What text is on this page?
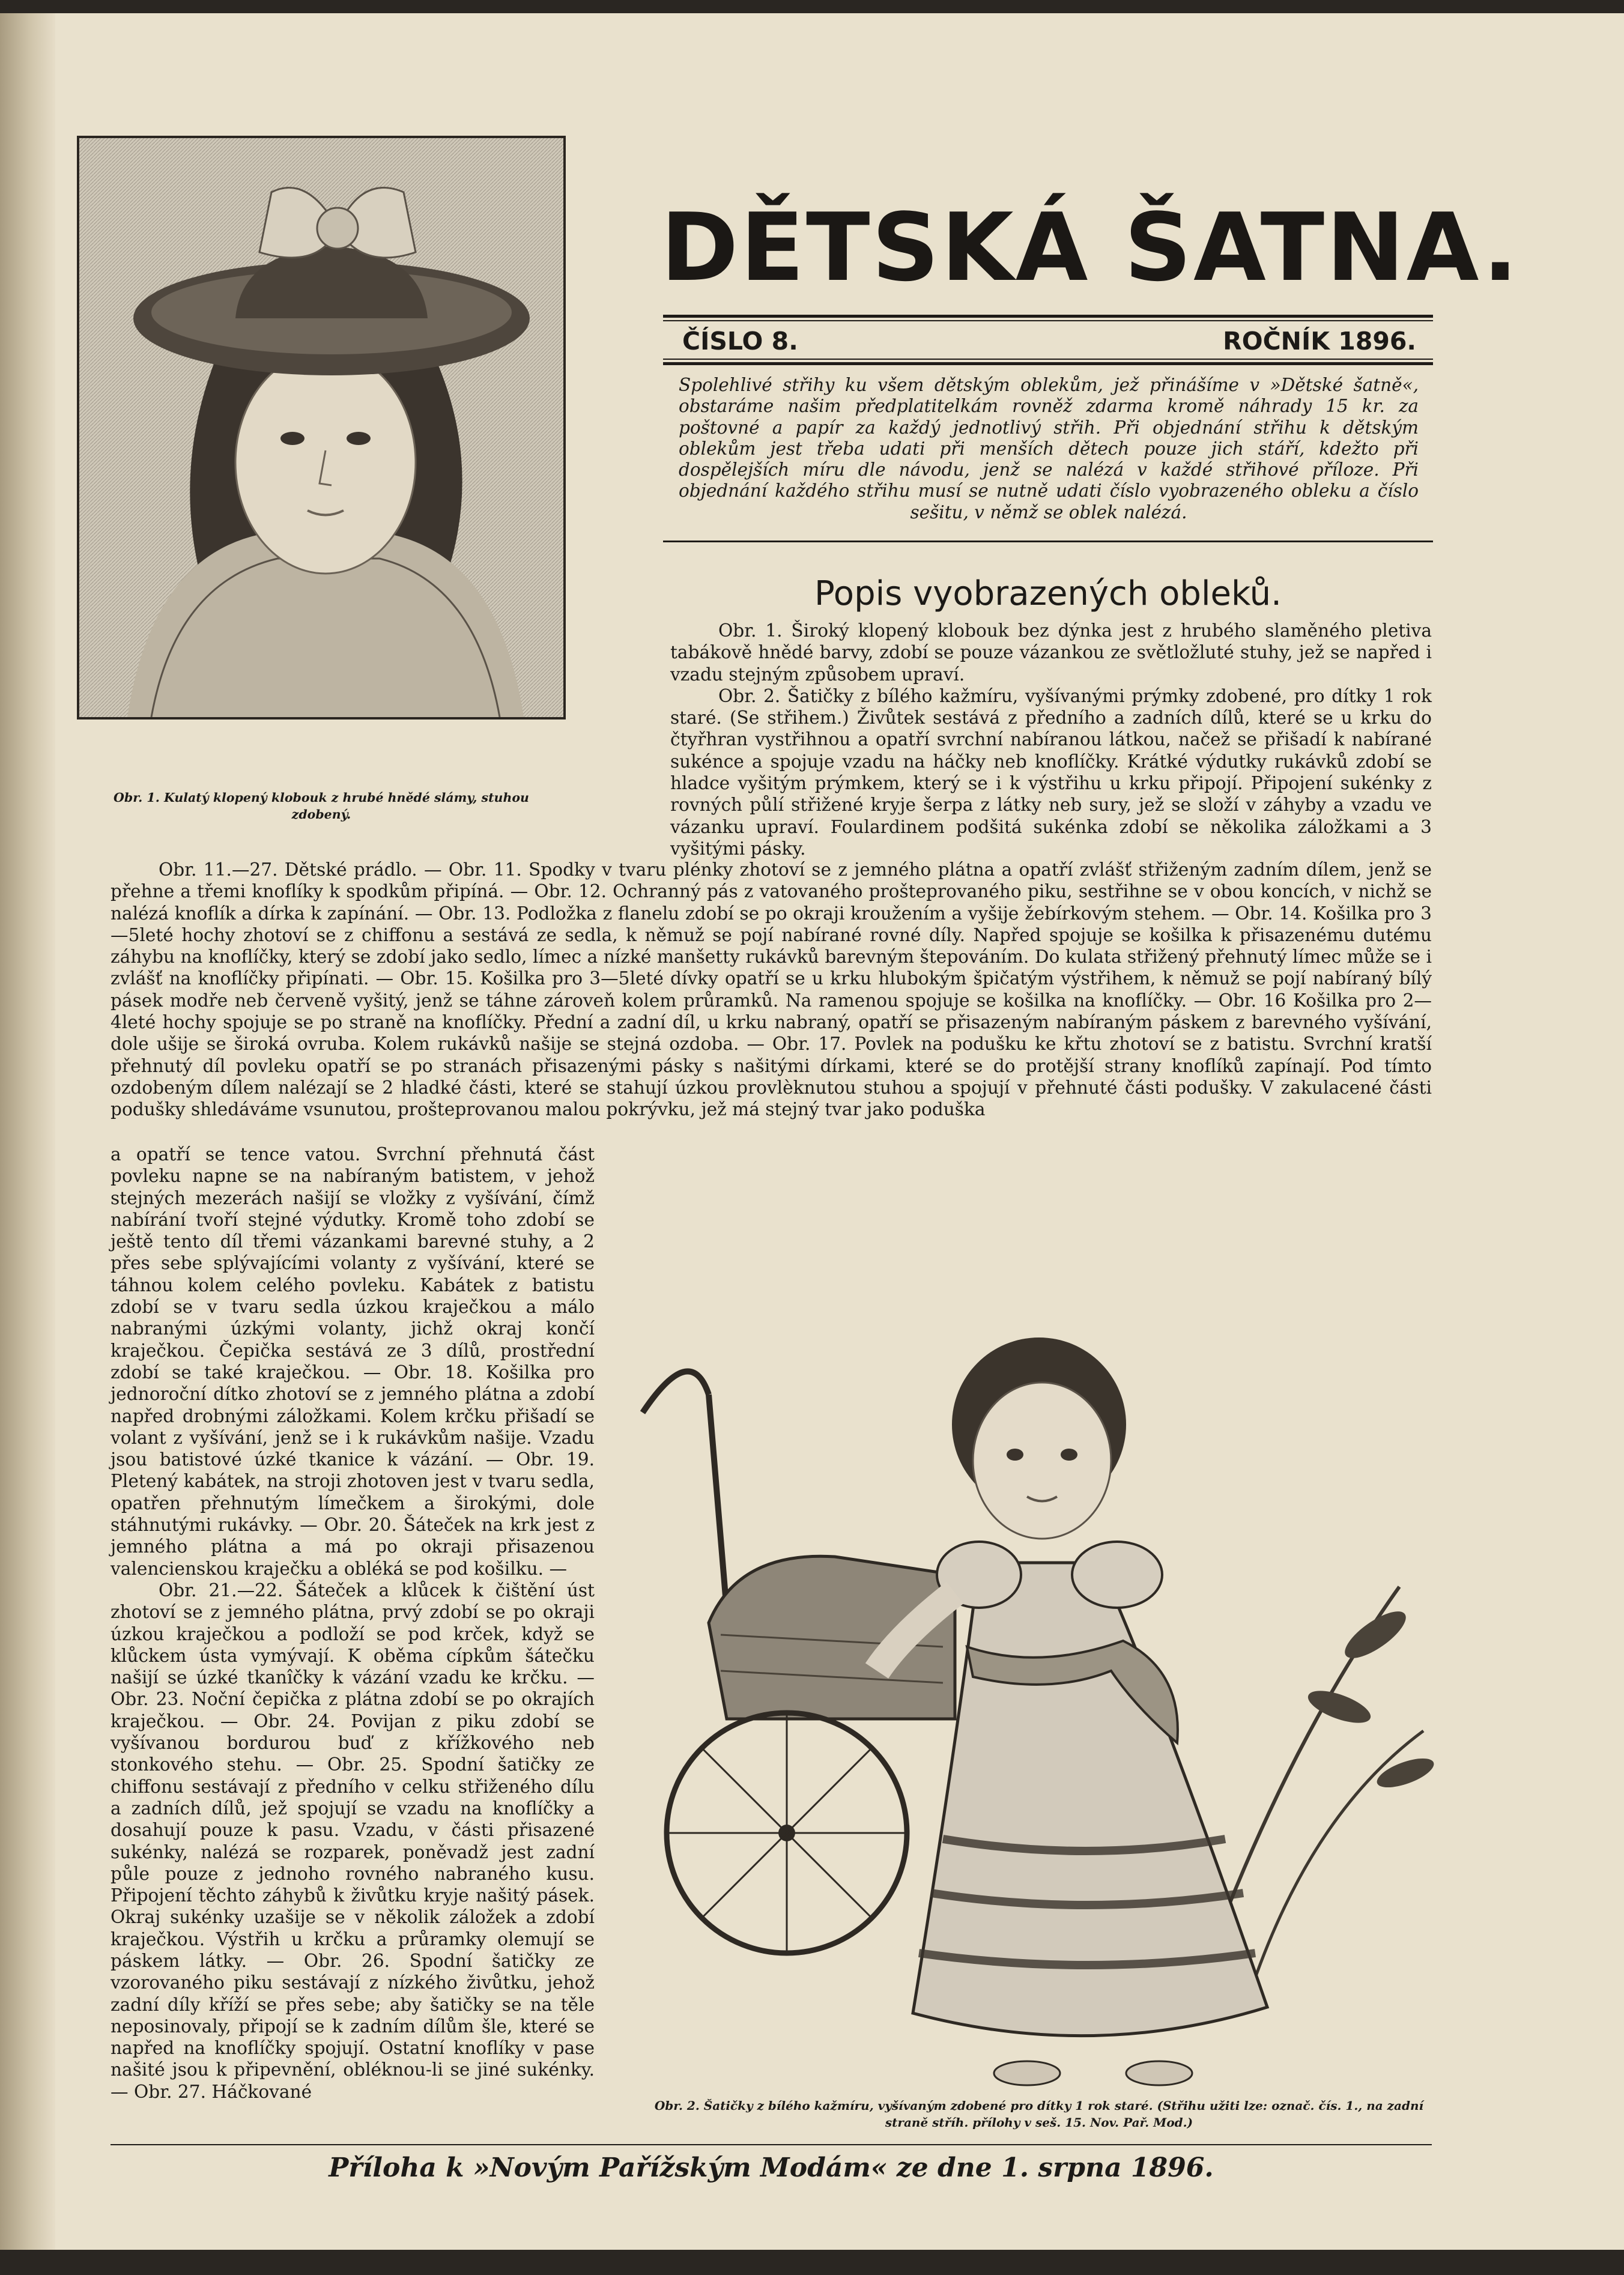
Obr. 1. Kulatý klopený klobouk z hrubé hnědé slámy, stuhou zdobený.
DĚTSKÁ ŠATNA.
ČÍSLO 8.	ROČNÍK 1896.
Spolehlivé střihy ku všem dětským oblekům, jež přinášíme v »Dětské šatně«, obstaráme našim předplatitelkám rovněž zdarma kromě náhrady 15 kr. za poštovné a papír za každý jednotlivý střih. Při objednání střihu k dětským oblekům jest třeba udati při menších dětech pouze jich stáří, kdežto při dospělejších míru dle návodu, jenž se nalézá v každé střihové příloze. Při objednání každého střihu musí se nutně udati číslo vyobrazeného obleku a číslo sešitu, v němž se oblek nalézá.
Popis vyobrazených obleků.

Obr. 1. Široký klopený klobouk bez dýnka jest z hrubého slaměného pletiva tabákově hnědé barvy, zdobí se pouze vázankou ze světložluté stuhy, jež se napřed i vzadu stejným způsobem upraví.

Obr. 2. Šatičky z bílého kažmíru, vyšívanými prýmky zdobené, pro dítky 1 rok staré. (Se střihem.) Živůtek sestává z předního a zadních dílů, které se u krku do čtyřhran vystřihnou a opatří svrchní nabíranou látkou, načež se přišadí k nabírané sukénce a spojuje vzadu na háčky neb knoflíčky. Krátké výdutky rukávků zdobí se hladce vyšitým prýmkem, který se i k výstřihu u krku připojí. Připojení sukénky z rovných půlí střižené kryje šerpa z látky neb sury, jež se složí v záhyby a vzadu ve vázanku upraví. Foulardinem podšitá sukénka zdobí se několika záložkami a 3 vyšitými pásky.

Obr. 11.—27. Dětské prádlo. — Obr. 11. Spodky v tvaru plénky zhotoví se z jemného plátna a opatří zvlášť střiženým zadním dílem, jenž se přehne a třemi knoflíky k spodkům připíná. — Obr. 12. Ochranný pás z vatovaného prošteprovaného piku, sestřihne se v obou koncích, v nichž se nalézá knoflík a dírka k zapínání. — Obr. 13. Podložka z flanelu zdobí se po okraji kroužením a vyšije žebírkovým stehem. — Obr. 14. Košilka pro 3—5leté hochy zhotoví se z chiffonu a sestává ze sedla, k němuž se pojí nabírané rovné díly. Napřed spojuje se košilka k přisazenému dutému záhybu na knoflíčky, který se zdobí jako sedlo, límec a nízké manšetty rukávků barevným štepováním. Do kulata střižený přehnutý límec může se i zvlášť na knoflíčky připínati. — Obr. 15. Košilka pro 3—5leté dívky opatří se u krku hlubokým špičatým výstřihem, k němuž se pojí nabíraný bílý pásek modře neb červeně vyšitý, jenž se táhne zároveň kolem průramků. Na ramenou spojuje se košilka na knoflíčky. — Obr. 16 Košilka pro 2—4leté hochy spojuje se po straně na knoflíčky. Přední a zadní díl, u krku nabraný, opatří se přisazeným nabíraným páskem z barevného vyšívání, dole ušije se široká ovruba. Kolem rukávků našije se stejná ozdoba. — Obr. 17. Povlek na podušku ke křtu zhotoví se z batistu. Svrchní kratší přehnutý díl povleku opatří se po stranách přisazenými pásky s našitými dírkami, které se do protější strany knoflíků zapínají. Pod tímto ozdobeným dílem nalézají se 2 hladké části, které se stahují úzkou provlèknutou stuhou a spojují v přehnuté části podušky. V zakulacené části podušky shledáváme vsunutou, prošteprovanou malou pokrývku, jež má stejný tvar jako poduška

a opatří se tence vatou. Svrchní přehnutá část povleku napne se na nabíraným batistem, v jehož stejných mezerách našijí se vložky z vyšívání, čímž nabírání tvoří stejné výdutky. Kromě toho zdobí se ještě tento díl třemi vázankami barevné stuhy, a 2 přes sebe splývajícími volanty z vyšívání, které se táhnou kolem celého povleku. Kabátek z batistu zdobí se v tvaru sedla úzkou kraječkou a málo nabranými úzkými volanty, jichž okraj končí kraječkou. Čepička sestává ze 3 dílů, prostřední zdobí se také kraječkou. — Obr. 18. Košilka pro jednoroční dítko zhotoví se z jemného plátna a zdobí napřed drobnými záložkami. Kolem krčku přišadí se volant z vyšívání, jenž se i k rukávkům našije. Vzadu jsou batistové úzké tkanice k vázání. — Obr. 19. Pletený kabátek, na stroji zhotoven jest v tvaru sedla, opatřen přehnutým límečkem a širokými, dole stáhnutými rukávky. — Obr. 20. Šáteček na krk jest z jemného plátna a má po okraji přisazenou valencienskou kraječku a obléká se pod košilku. —

Obr. 21.—22. Šáteček a klůcek k čištění úst zhotoví se z jemného plátna, prvý zdobí se po okraji úzkou kraječkou a podloží se pod krček, když se klůckem ústa vymývají. K oběma cípkům šátečku našijí se úzké tkanîčky k vázání vzadu ke krčku. — Obr. 23. Noční čepička z plátna zdobí se po okrajích kraječkou. — Obr. 24. Povijan z piku zdobí se vyšívanou bordurou buď z křížkového neb stonkového stehu. — Obr. 25. Spodní šatičky ze chiffonu sestávají z předního v celku střiženého dílu a zadních dílů, jež spojují se vzadu na knoflíčky a dosahují pouze k pasu. Vzadu, v části přisazené sukénky, nalézá se rozparek, poněvadž jest zadní půle pouze z jednoho rovného nabraného kusu. Připojení těchto záhybů k živůtku kryje našitý pásek. Okraj sukénky uzašije se v několik záložek a zdobí kraječkou. Výstřih u krčku a průramky olemují se páskem látky. — Obr. 26. Spodní šatičky ze vzorovaného piku sestávají z nízkého živůtku, jehož zadní díly kříží se přes sebe; aby šatičky se na těle neposinovaly, připojí se k zadním dílům šle, které se napřed na knoflíčky spojují. Ostatní knoflíky v pase našité jsou k připevnění, obléknou-li se jiné sukénky. — Obr. 27. Háčkované

Obr. 2. Šatičky z bílého kažmíru, vyšívaným zdobené pro dítky 1 rok staré. (Střihu užiti lze: označ. čís. 1., na zadní straně stříh. přílohy v seš. 15. Nov. Pař. Mod.)
Příloha k »Novým Pařížským Modám« ze dne 1. srpna 1896.
